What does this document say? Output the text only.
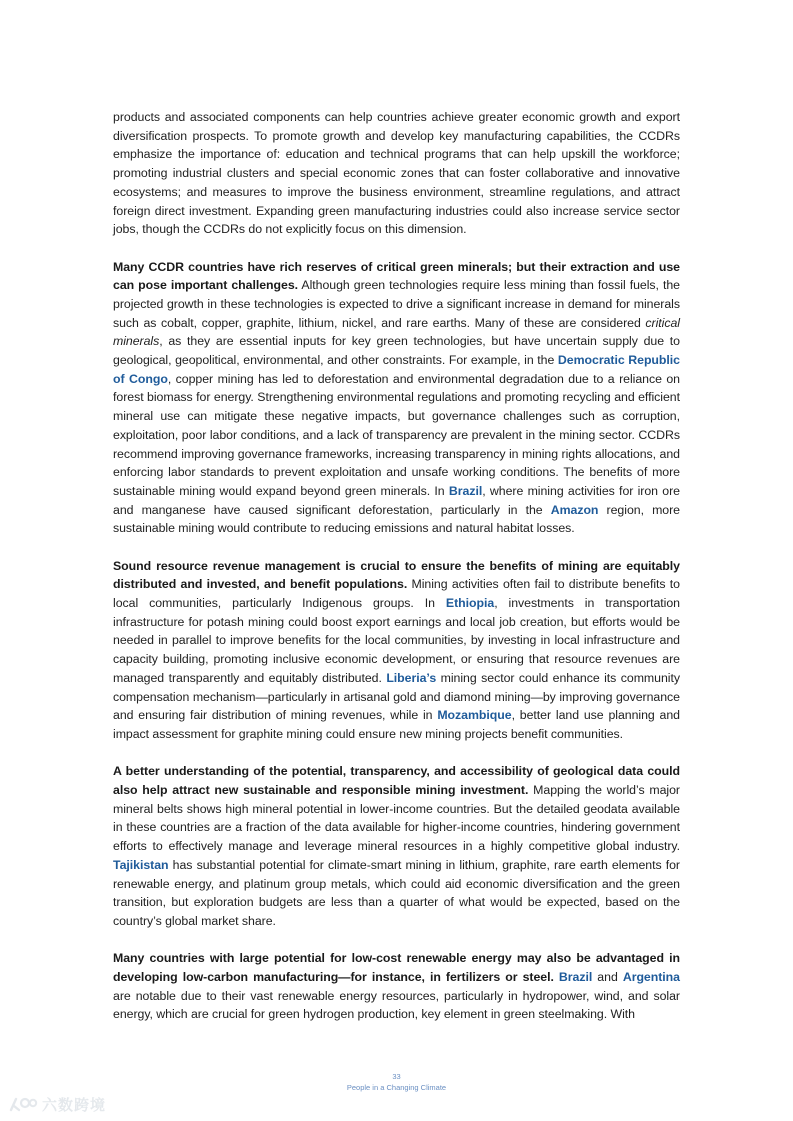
products and associated components can help countries achieve greater economic growth and export diversification prospects. To promote growth and develop key manufacturing capabilities, the CCDRs emphasize the importance of: education and technical programs that can help upskill the workforce; promoting industrial clusters and special economic zones that can foster collaborative and innovative ecosystems; and measures to improve the business environment, streamline regulations, and attract foreign direct investment. Expanding green manufacturing industries could also increase service sector jobs, though the CCDRs do not explicitly focus on this dimension.

Many CCDR countries have rich reserves of critical green minerals; but their extraction and use can pose important challenges. Although green technologies require less mining than fossil fuels, the projected growth in these technologies is expected to drive a significant increase in demand for minerals such as cobalt, copper, graphite, lithium, nickel, and rare earths. Many of these are considered critical minerals, as they are essential inputs for key green technologies, but have uncertain supply due to geological, geopolitical, environmental, and other constraints. For example, in the Democratic Republic of Congo, copper mining has led to deforestation and environmental degradation due to a reliance on forest biomass for energy. Strengthening environmental regulations and promoting recycling and efficient mineral use can mitigate these negative impacts, but governance challenges such as corruption, exploitation, poor labor conditions, and a lack of transparency are prevalent in the mining sector. CCDRs recommend improving governance frameworks, increasing transparency in mining rights allocations, and enforcing labor standards to prevent exploitation and unsafe working conditions. The benefits of more sustainable mining would expand beyond green minerals. In Brazil, where mining activities for iron ore and manganese have caused significant deforestation, particularly in the Amazon region, more sustainable mining would contribute to reducing emissions and natural habitat losses.

Sound resource revenue management is crucial to ensure the benefits of mining are equitably distributed and invested, and benefit populations. Mining activities often fail to distribute benefits to local communities, particularly Indigenous groups. In Ethiopia, investments in transportation infrastructure for potash mining could boost export earnings and local job creation, but efforts would be needed in parallel to improve benefits for the local communities, by investing in local infrastructure and capacity building, promoting inclusive economic development, or ensuring that resource revenues are managed transparently and equitably distributed. Liberia’s mining sector could enhance its community compensation mechanism—particularly in artisanal gold and diamond mining—by improving governance and ensuring fair distribution of mining revenues, while in Mozambique, better land use planning and impact assessment for graphite mining could ensure new mining projects benefit communities.

A better understanding of the potential, transparency, and accessibility of geological data could also help attract new sustainable and responsible mining investment. Mapping the world’s major mineral belts shows high mineral potential in lower-income countries. But the detailed geodata available in these countries are a fraction of the data available for higher-income countries, hindering government efforts to effectively manage and leverage mineral resources in a highly competitive global industry. Tajikistan has substantial potential for climate-smart mining in lithium, graphite, rare earth elements for renewable energy, and platinum group metals, which could aid economic diversification and the green transition, but exploration budgets are less than a quarter of what would be expected, based on the country’s global market share.

Many countries with large potential for low-cost renewable energy may also be advantaged in developing low-carbon manufacturing—for instance, in fertilizers or steel. Brazil and Argentina are notable due to their vast renewable energy resources, particularly in hydropower, wind, and solar energy, which are crucial for green hydrogen production, key element in green steelmaking. With

33
People in a Changing Climate
六数跨境
